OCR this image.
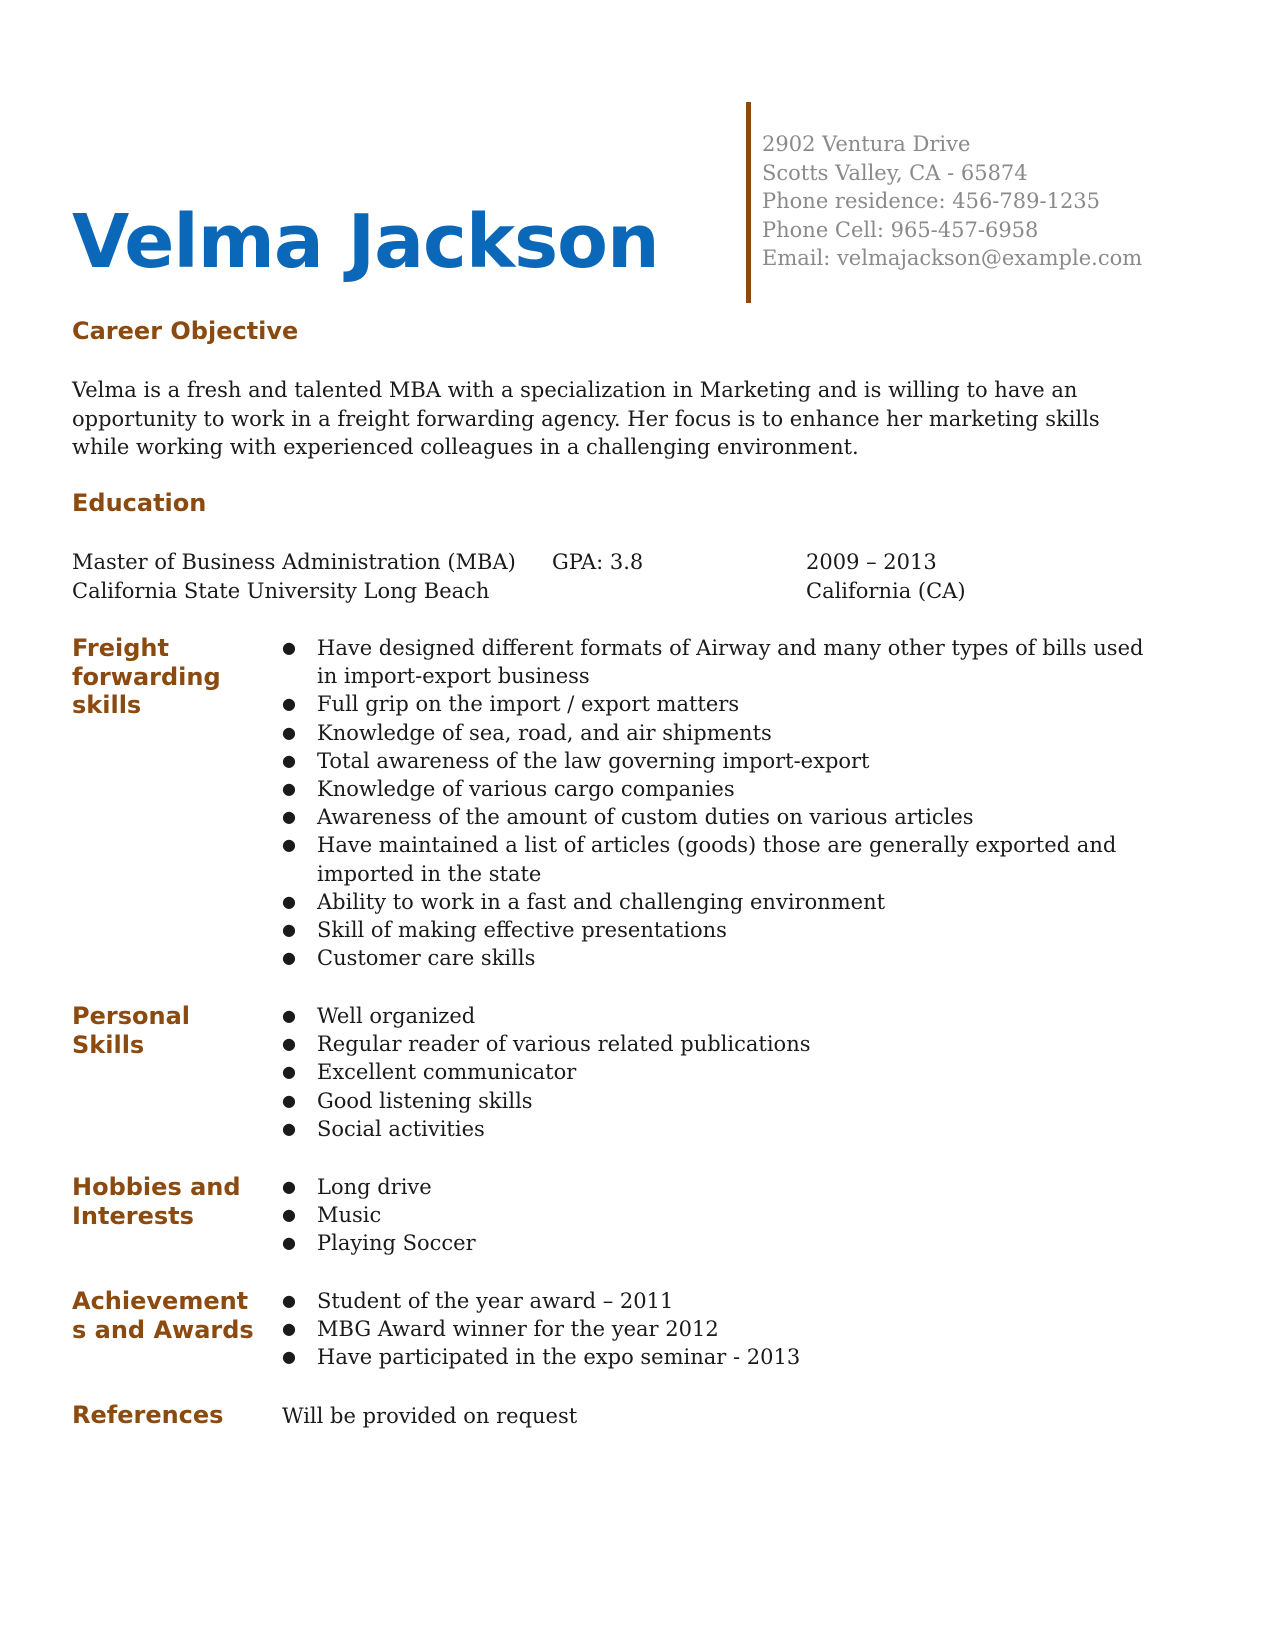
Velma Jackson
2902 Ventura Drive
Scotts Valley, CA - 65874
Phone residence: 456-789-1235
Phone Cell: 965-457-6958
Email: velmajackson@example.com
Career Objective
Velma is a fresh and talented MBA with a specialization in Marketing and is willing to have an opportunity to work in a freight forwarding agency. Her focus is to enhance her marketing skills while working with experienced colleagues in a challenging environment.
Education
Master of Business Administration (MBA) GPA: 3.8	2009 – 2013
California State University Long Beach	California (CA)
Freight forwarding skills
● Have designed different formats of Airway and many other types of bills used in import-export business
● Full grip on the import / export matters
● Knowledge of sea, road, and air shipments
● Total awareness of the law governing import-export
● Knowledge of various cargo companies
● Awareness of the amount of custom duties on various articles
● Have maintained a list of articles (goods) those are generally exported and imported in the state
● Ability to work in a fast and challenging environment
● Skill of making effective presentations
● Customer care skills
Personal Skills
● Well organized
● Regular reader of various related publications
● Excellent communicator
● Good listening skills
● Social activities
Hobbies and Interests
● Long drive
● Music
● Playing Soccer
Achievements and Awards
● Student of the year award – 2011
● MBG Award winner for the year 2012
● Have participated in the expo seminar - 2013
References	Will be provided on request
